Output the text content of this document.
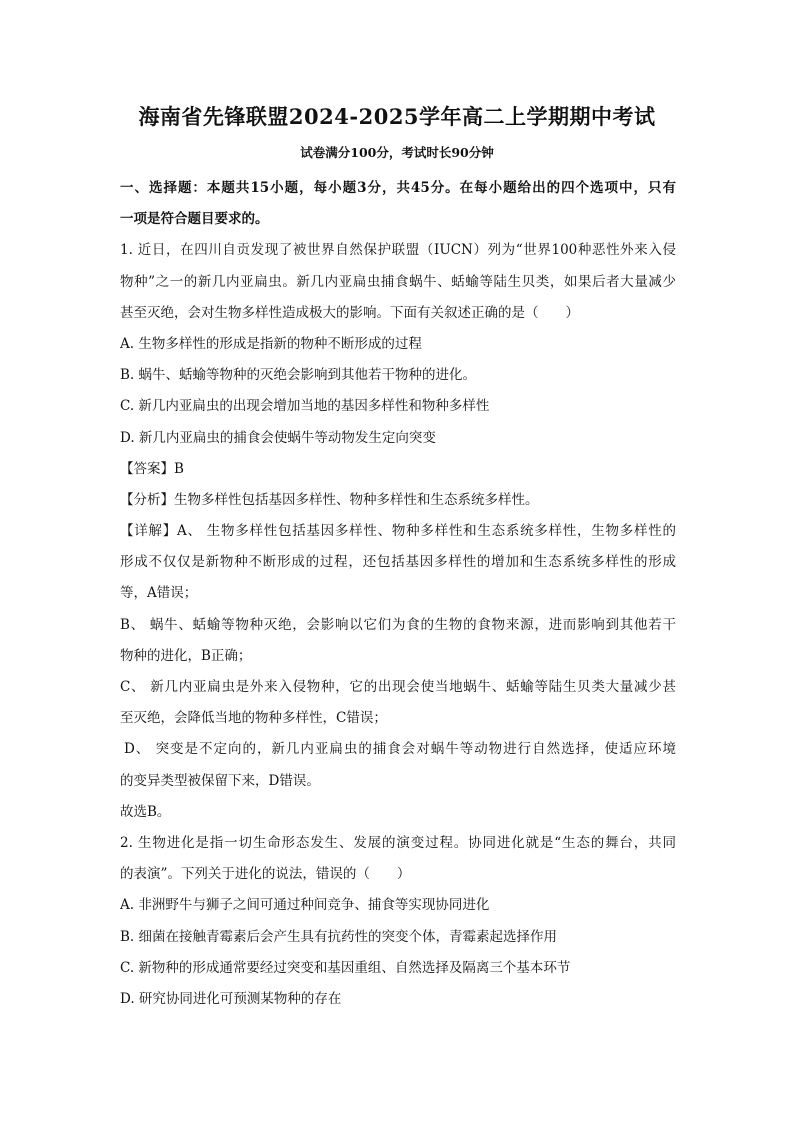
海南省先锋联盟2024-2025学年高二上学期期中考试

试卷满分100分，考试时长90分钟

一、选择题：本题共15小题，每小题3分，共45分。在每小题给出的四个选项中，只有
一项是符合题目要求的。
1. 近日，在四川自贡发现了被世界自然保护联盟（IUCN）列为“世界100种恶性外来入侵
物种”之一的新几内亚扁虫。新几内亚扁虫捕食蜗牛、蛞蝓等陆生贝类，如果后者大量减少
甚至灭绝，会对生物多样性造成极大的影响。下面有关叙述正确的是（　　）
A. 生物多样性的形成是指新的物种不断形成的过程
B. 蜗牛、蛞蝓等物种的灭绝会影响到其他若干物种的进化。
C. 新几内亚扁虫的出现会增加当地的基因多样性和物种多样性
D. 新几内亚扁虫的捕食会使蜗牛等动物发生定向突变
【答案】B
【分析】生物多样性包括基因多样性、物种多样性和生态系统多样性。
【详解】A、 生物多样性包括基因多样性、物种多样性和生态系统多样性，生物多样性的
形成不仅仅是新物种不断形成的过程，还包括基因多样性的增加和生态系统多样性的形成
等，A错误；
B、 蜗牛、蛞蝓等物种灭绝，会影响以它们为食的生物的食物来源，进而影响到其他若干
物种的进化，B正确；
C、 新几内亚扁虫是外来入侵物种，它的出现会使当地蜗牛、蛞蝓等陆生贝类大量减少甚
至灭绝，会降低当地的物种多样性，C错误；
D、 突变是不定向的，新几内亚扁虫的捕食会对蜗牛等动物进行自然选择，使适应环境
的变异类型被保留下来，D错误。
故选B。
2. 生物进化是指一切生命形态发生、发展的演变过程。协同进化就是“生态的舞台，共同
的表演”。下列关于进化的说法，错误的（　　）
A. 非洲野牛与狮子之间可通过种间竞争、捕食等实现协同进化
B. 细菌在接触青霉素后会产生具有抗药性的突变个体，青霉素起选择作用
C. 新物种的形成通常要经过突变和基因重组、自然选择及隔离三个基本环节
D. 研究协同进化可预测某物种的存在
